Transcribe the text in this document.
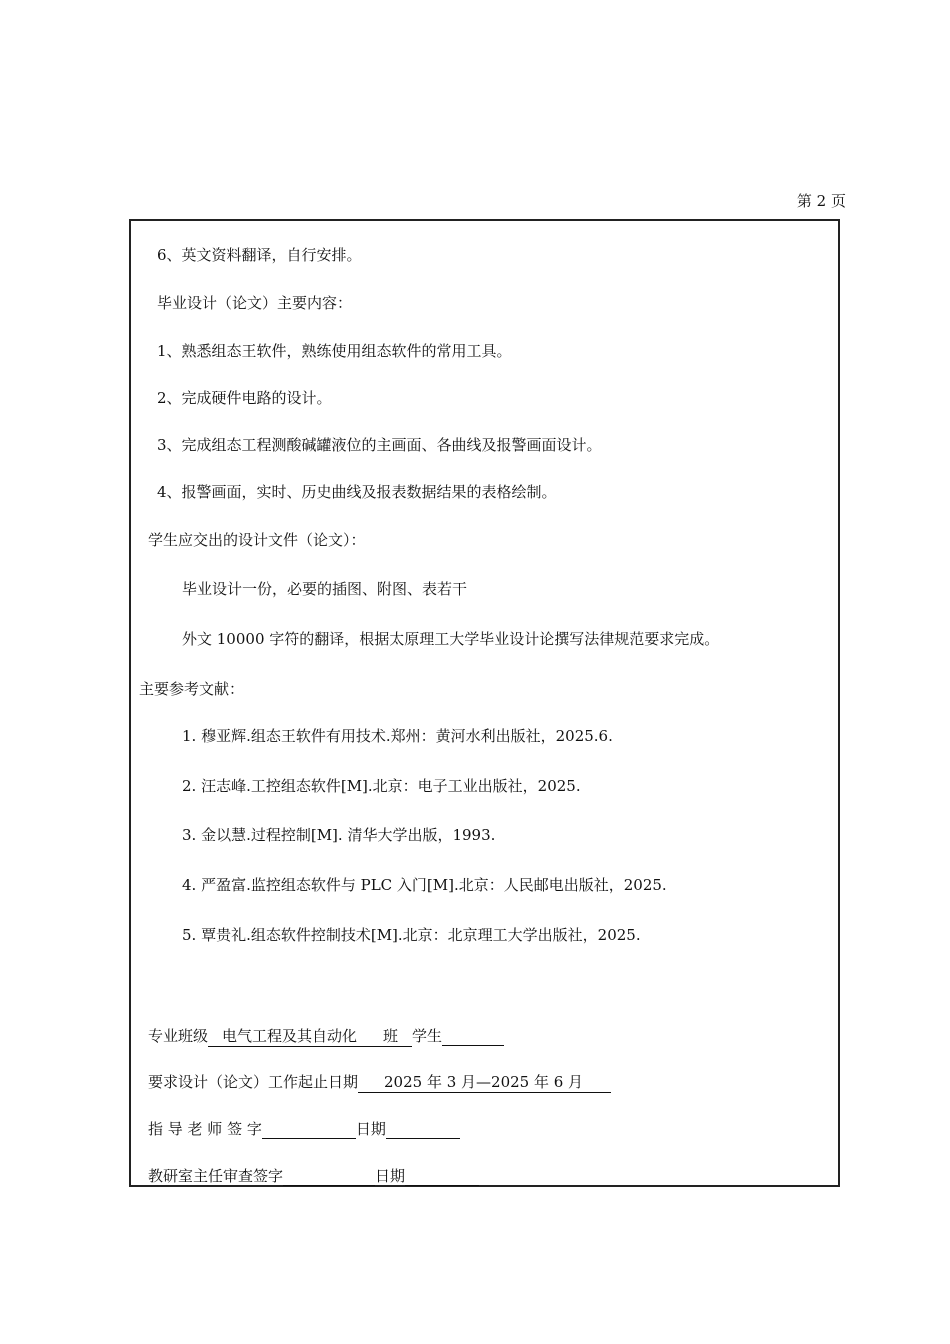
第 2 页
6、英文资料翻译，自行安排。
毕业设计（论文）主要内容：
1、熟悉组态王软件，熟练使用组态软件的常用工具。
2、完成硬件电路的设计。
3、完成组态工程测酸碱罐液位的主画面、各曲线及报警画面设计。
4、报警画面，实时、历史曲线及报表数据结果的表格绘制。
学生应交出的设计文件（论文）：
毕业设计一份，必要的插图、附图、表若干
外文 10000 字符的翻译，根据太原理工大学毕业设计论撰写法律规范要求完成。
主要参考文献：
1. 穆亚辉.组态王软件有用技术.郑州：黄河水利出版社，2025.6.
2. 汪志峰.工控组态软件[M].北京：电子工业出版社，2025.
3. 金以慧.过程控制[M]. 清华大学出版，1993.
4. 严盈富.监控组态软件与 PLC 入门[M].北京：人民邮电出版社，2025.
5. 覃贵礼.组态软件控制技术[M].北京：北京理工大学出版社，2025.
专业班级 电气工程及其自动化 班 学生
要求设计（论文）工作起止日期 2025 年 3 月—2025 年 6 月
指 导 老 师 签 字	日期
教研室主任审查签字	日期
